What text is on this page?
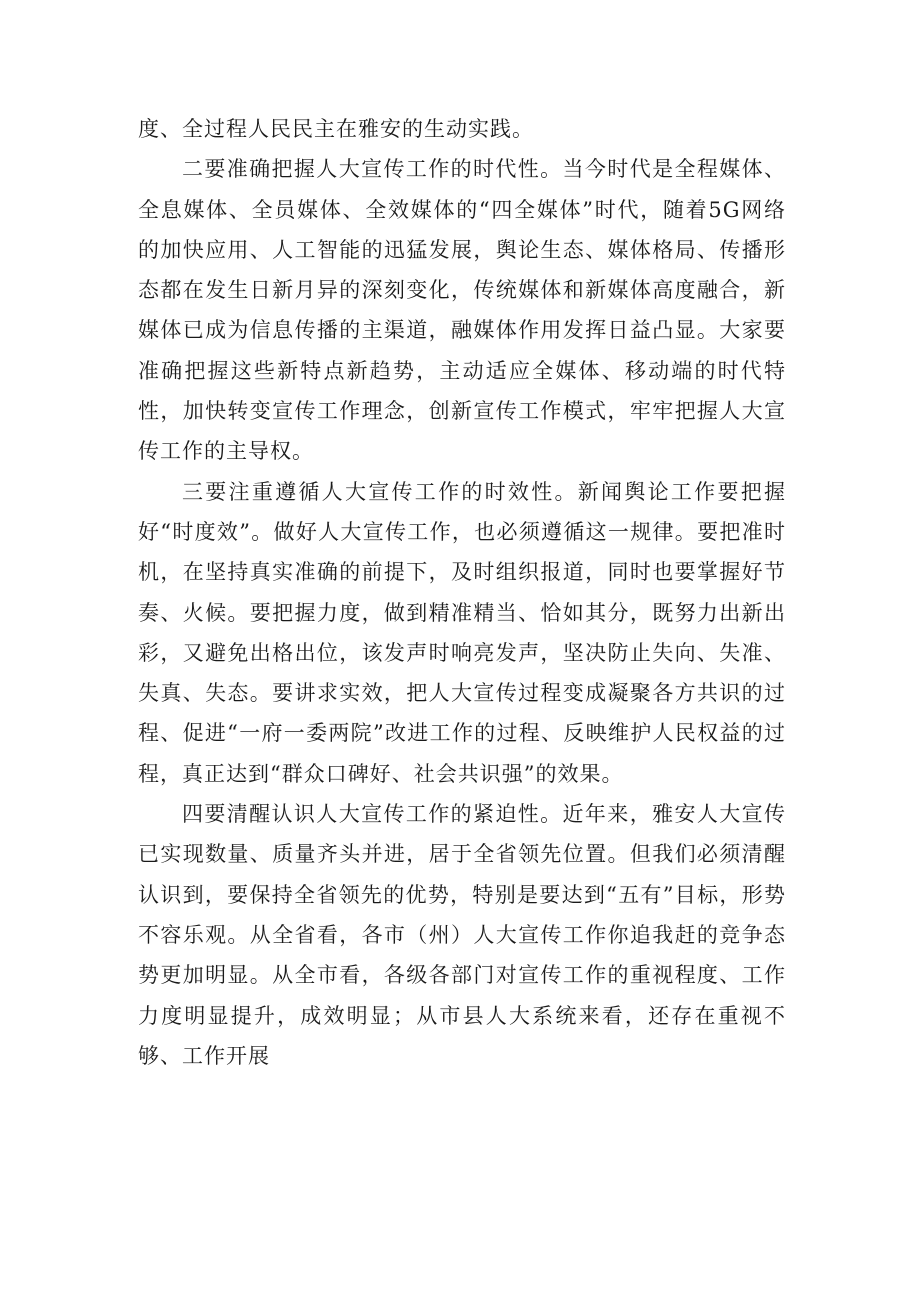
度、全过程人民民主在雅安的生动实践。

二要准确把握人大宣传工作的时代性。当今时代是全程媒体、全息媒体、全员媒体、全效媒体的“四全媒体”时代，随着5G网络的加快应用、人工智能的迅猛发展，舆论生态、媒体格局、传播形态都在发生日新月异的深刻变化，传统媒体和新媒体高度融合，新媒体已成为信息传播的主渠道，融媒体作用发挥日益凸显。大家要准确把握这些新特点新趋势，主动适应全媒体、移动端的时代特性，加快转变宣传工作理念，创新宣传工作模式，牢牢把握人大宣传工作的主导权。

三要注重遵循人大宣传工作的时效性。新闻舆论工作要把握好“时度效”。做好人大宣传工作，也必须遵循这一规律。要把准时机，在坚持真实准确的前提下，及时组织报道，同时也要掌握好节奏、火候。要把握力度，做到精准精当、恰如其分，既努力出新出彩，又避免出格出位，该发声时响亮发声，坚决防止失向、失准、失真、失态。要讲求实效，把人大宣传过程变成凝聚各方共识的过程、促进“一府一委两院”改进工作的过程、反映维护人民权益的过程，真正达到“群众口碑好、社会共识强”的效果。

四要清醒认识人大宣传工作的紧迫性。近年来，雅安人大宣传已实现数量、质量齐头并进，居于全省领先位置。但我们必须清醒认识到，要保持全省领先的优势，特别是要达到“五有”目标，形势不容乐观。从全省看，各市（州）人大宣传工作你追我赶的竞争态势更加明显。从全市看，各级各部门对宣传工作的重视程度、工作力度明显提升，成效明显；从市县人大系统来看，还存在重视不够、工作开展
